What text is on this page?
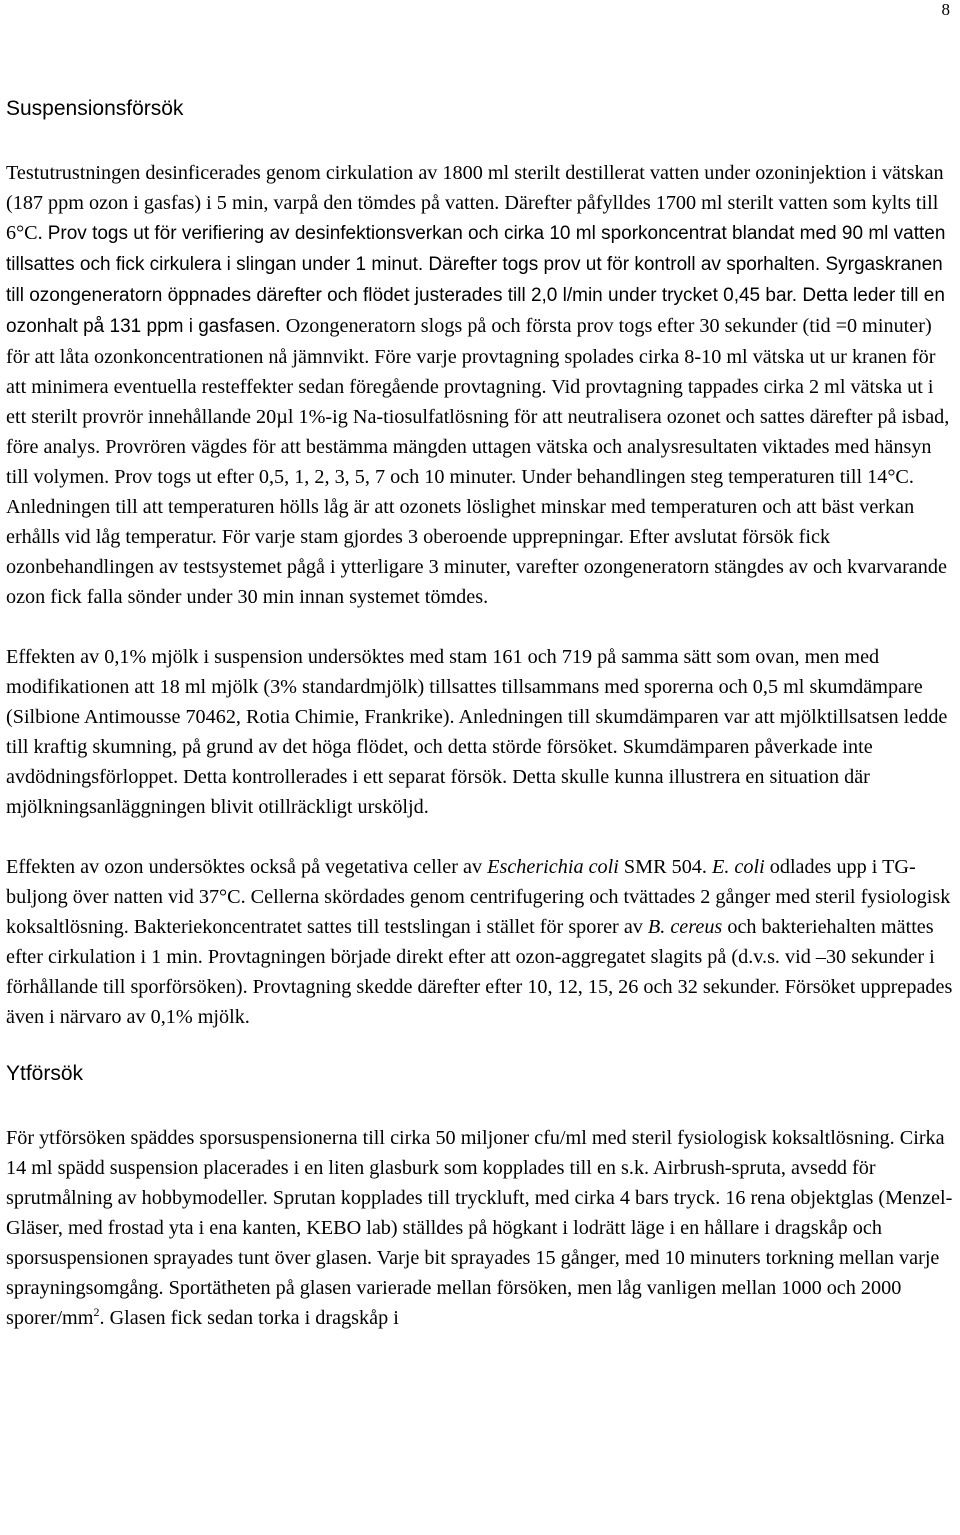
8
Suspensionsförsök

Testutrustningen desinficerades genom cirkulation av 1800 ml sterilt destillerat vatten under ozoninjektion i vätskan (187 ppm ozon i gasfas) i 5 min, varpå den tömdes på vatten. Därefter påfylldes 1700 ml sterilt vatten som kylts till 6°C. Prov togs ut för verifiering av desinfektionsverkan och cirka 10 ml sporkoncentrat blandat med 90 ml vatten tillsattes och fick cirkulera i slingan under 1 minut. Därefter togs prov ut för kontroll av sporhalten. Syrgaskranen till ozongeneratorn öppnades därefter och flödet justerades till 2,0 l/min under trycket 0,45 bar. Detta leder till en ozonhalt på 131 ppm i gasfasen. Ozongeneratorn slogs på och första prov togs efter 30 sekunder (tid =0 minuter) för att låta ozonkoncentrationen nå jämnvikt. Före varje provtagning spolades cirka 8-10 ml vätska ut ur kranen för att minimera eventuella resteffekter sedan föregående provtagning. Vid provtagning tappades cirka 2 ml vätska ut i ett sterilt provrör innehållande 20µl 1%-ig Na-tiosulfatlösning för att neutralisera ozonet och sattes därefter på isbad, före analys. Provrören vägdes för att bestämma mängden uttagen vätska och analysresultaten viktades med hänsyn till volymen. Prov togs ut efter 0,5, 1, 2, 3, 5, 7 och 10 minuter. Under behandlingen steg temperaturen till 14°C. Anledningen till att temperaturen hölls låg är att ozonets löslighet minskar med temperaturen och att bäst verkan erhålls vid låg temperatur. För varje stam gjordes 3 oberoende upprepningar. Efter avslutat försök fick ozonbehandlingen av testsystemet pågå i ytterligare 3 minuter, varefter ozongeneratorn stängdes av och kvarvarande ozon fick falla sönder under 30 min innan systemet tömdes.

Effekten av 0,1% mjölk i suspension undersöktes med stam 161 och 719 på samma sätt som ovan, men med modifikationen att 18 ml mjölk (3% standardmjölk) tillsattes tillsammans med sporerna och 0,5 ml skumdämpare (Silbione Antimousse 70462, Rotia Chimie, Frankrike). Anledningen till skumdämparen var att mjölktillsatsen ledde till kraftig skumning, på grund av det höga flödet, och detta störde försöket. Skumdämparen påverkade inte avdödningsförloppet. Detta kontrollerades i ett separat försök. Detta skulle kunna illustrera en situation där mjölkningsanläggningen blivit otillräckligt ursköljd.

Effekten av ozon undersöktes också på vegetativa celler av Escherichia coli SMR 504. E. coli odlades upp i TG-buljong över natten vid 37°C. Cellerna skördades genom centrifugering och tvättades 2 gånger med steril fysiologisk koksaltlösning. Bakteriekoncentratet sattes till testslingan i stället för sporer av B. cereus och bakteriehalten mättes efter cirkulation i 1 min. Provtagningen började direkt efter att ozon-aggregatet slagits på (d.v.s. vid –30 sekunder i förhållande till sporförsöken). Provtagning skedde därefter efter 10, 12, 15, 26 och 32 sekunder. Försöket upprepades även i närvaro av 0,1% mjölk.

Ytförsök

För ytförsöken späddes sporsuspensionerna till cirka 50 miljoner cfu/ml med steril fysiologisk koksaltlösning. Cirka 14 ml spädd suspension placerades i en liten glasburk som kopplades till en s.k. Airbrush-spruta, avsedd för sprutmålning av hobbymodeller. Sprutan kopplades till tryckluft, med cirka 4 bars tryck. 16 rena objektglas (Menzel-Gläser, med frostad yta i ena kanten, KEBO lab) ställdes på högkant i lodrätt läge i en hållare i dragskåp och sporsuspensionen sprayades tunt över glasen. Varje bit sprayades 15 gånger, med 10 minuters torkning mellan varje sprayningsomgång. Sportätheten på glasen varierade mellan försöken, men låg vanligen mellan 1000 och 2000 sporer/$mm^2$. Glasen fick sedan torka i dragskåp i
